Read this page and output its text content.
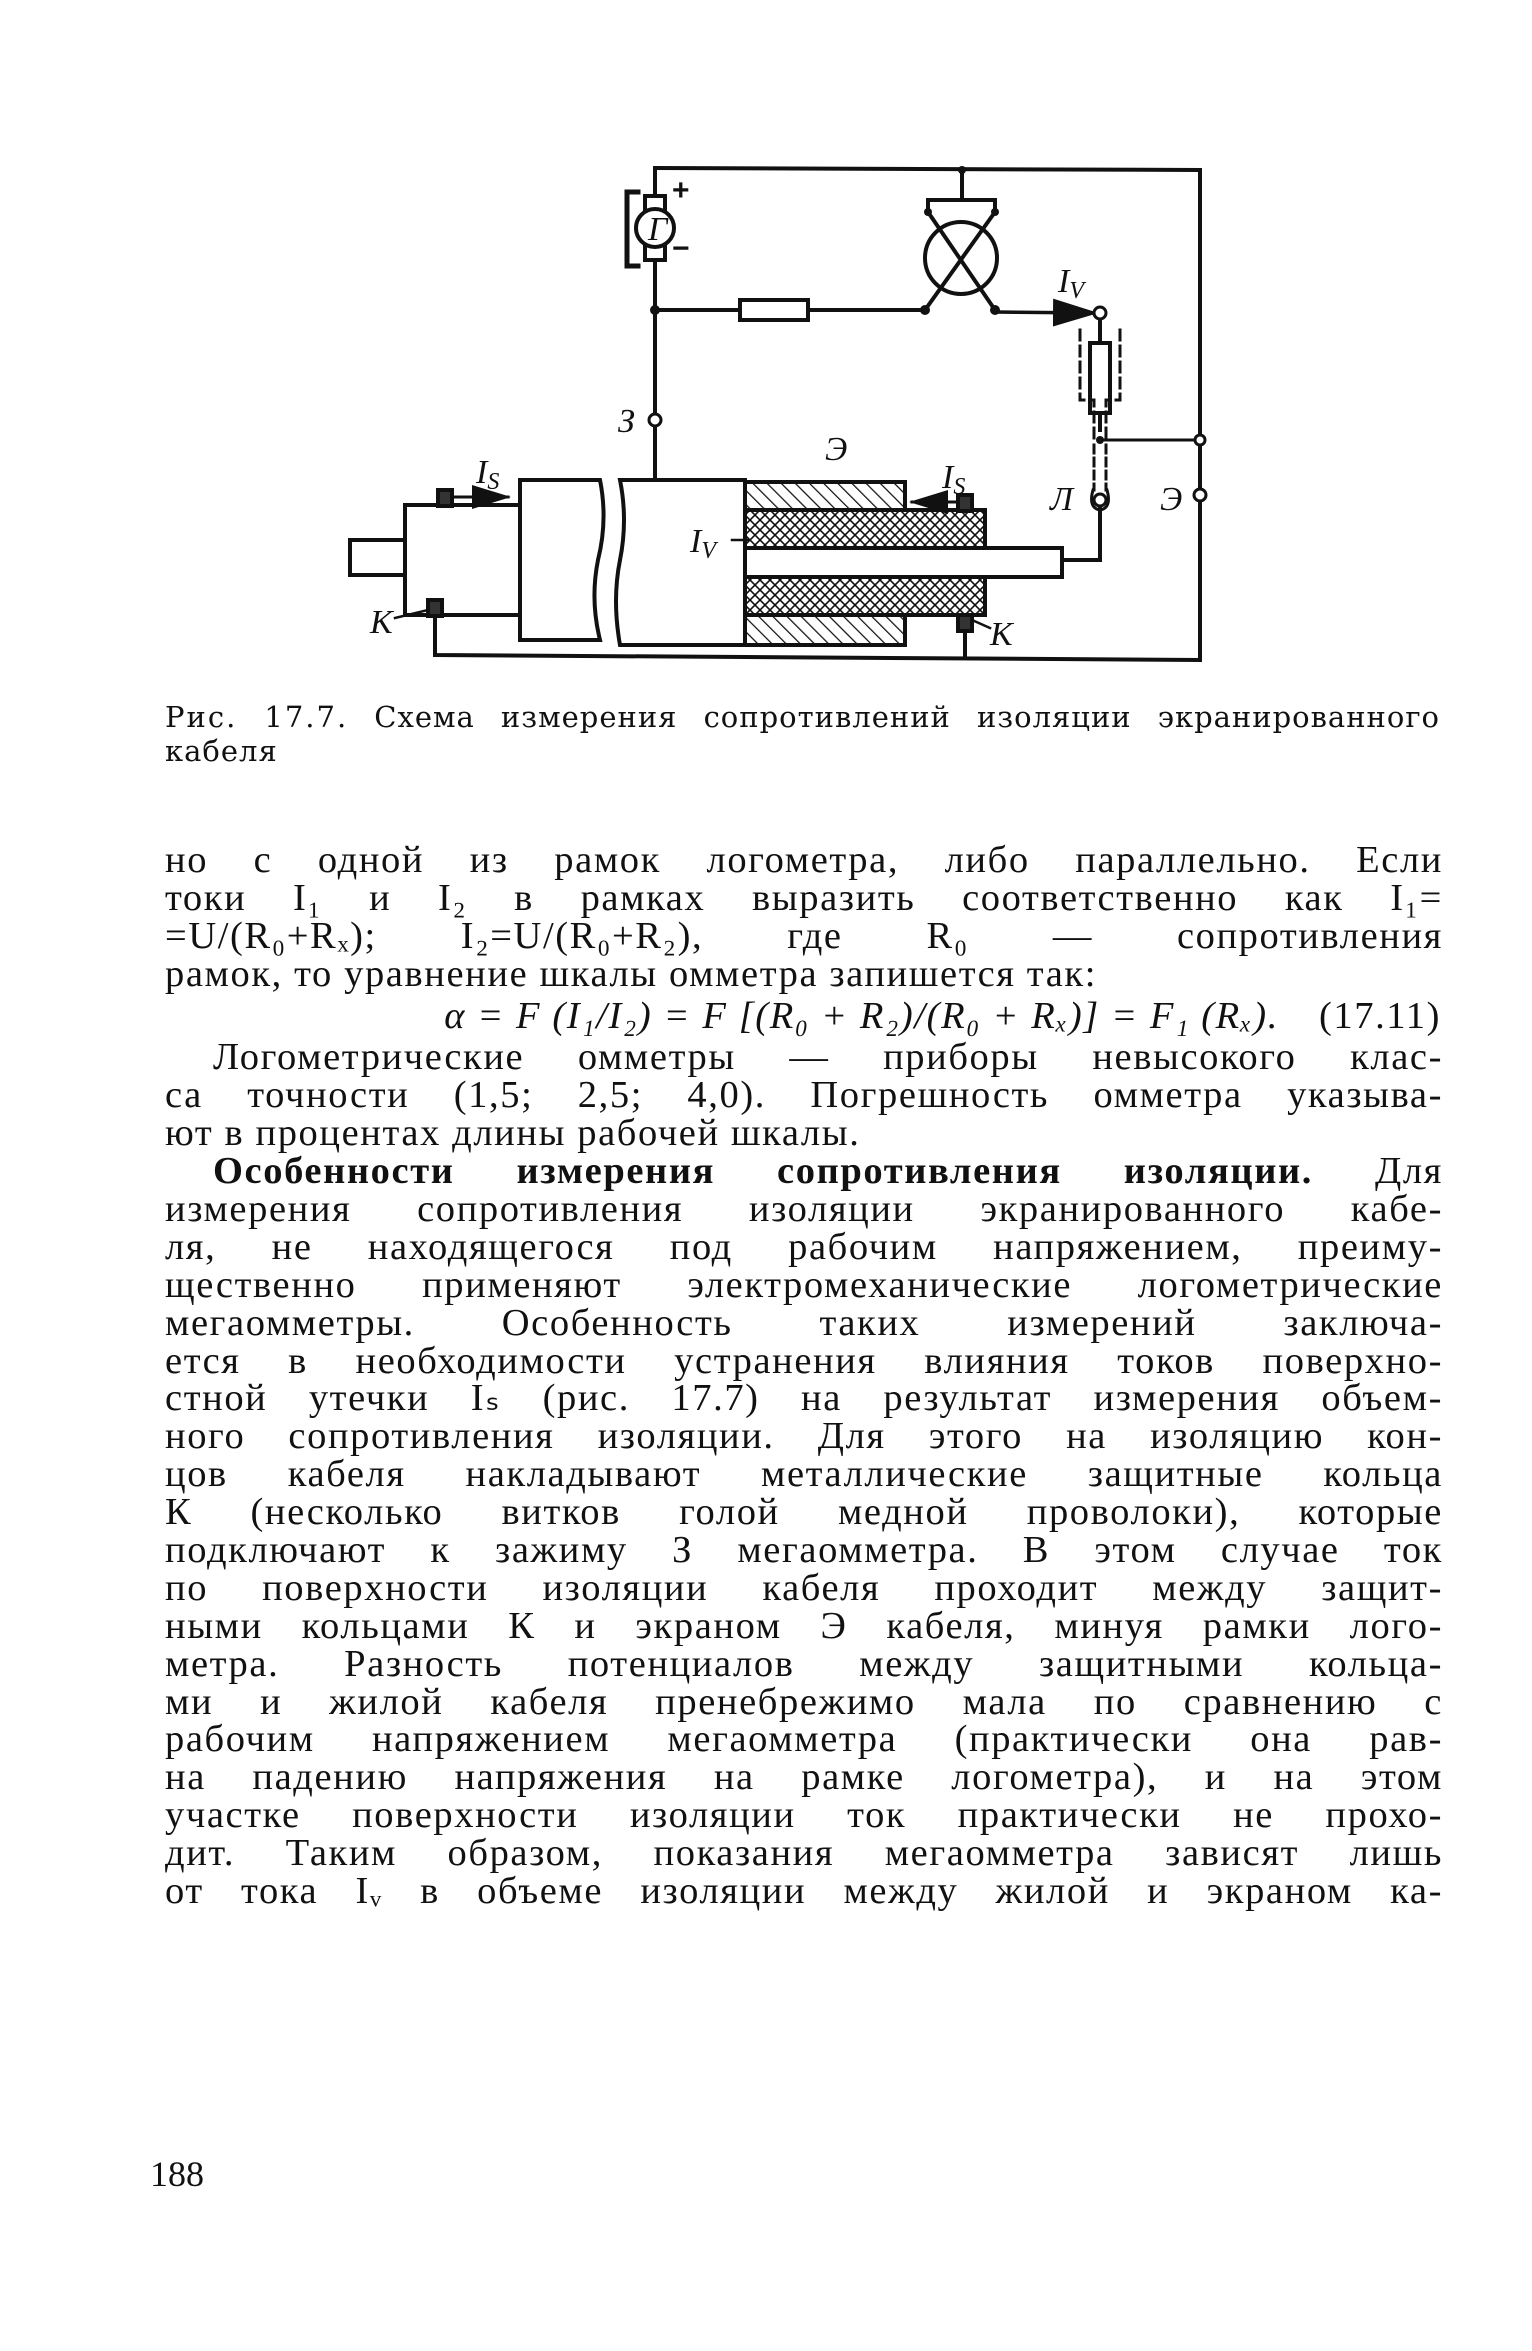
Г
+
−
IV
З
Э
IS	IS
IV
Л	Э
К	К
Рис. 17.7. Схема измерения сопротивлений изоляции экранированного кабеля
но с одной из рамок логометра, либо параллельно. Если
токи I₁ и I₂ в рамках выразить соответственно как I₁=
=U/(R₀+Rₓ); I₂=U/(R₀+R₂), где R₀ — сопротивления
рамок, то уравнение шкалы омметра запишется так:
α = F (I₁/I₂) = F [(R₀ + R₂)/(R₀ + Rₓ)] = F₁ (Rₓ). (17.11)
Логометрические омметры — приборы невысокого клас-
са точности (1,5; 2,5; 4,0). Погрешность омметра указыва-
ют в процентах длины рабочей шкалы.
Особенности измерения сопротивления изоляции. Для
измерения сопротивления изоляции экранированного кабе-
ля, не находящегося под рабочим напряжением, преиму-
щественно применяют электромеханические логометрические
мегаомметры. Особенность таких измерений заключа-
ется в необходимости устранения влияния токов поверхно-
стной утечки Iₛ (рис. 17.7) на результат измерения объем-
ного сопротивления изоляции. Для этого на изоляцию кон-
цов кабеля накладывают металлические защитные кольца
К (несколько витков голой медной проволоки), которые
подключают к зажиму З мегаомметра. В этом случае ток
по поверхности изоляции кабеля проходит между защит-
ными кольцами К и экраном Э кабеля, минуя рамки лого-
метра. Разность потенциалов между защитными кольца-
ми и жилой кабеля пренебрежимо мала по сравнению с
рабочим напряжением мегаомметра (практически она рав-
на падению напряжения на рамке логометра), и на этом
участке поверхности изоляции ток практически не прохо-
дит. Таким образом, показания мегаомметра зависят лишь
от тока Iᵥ в объеме изоляции между жилой и экраном ка-
188
